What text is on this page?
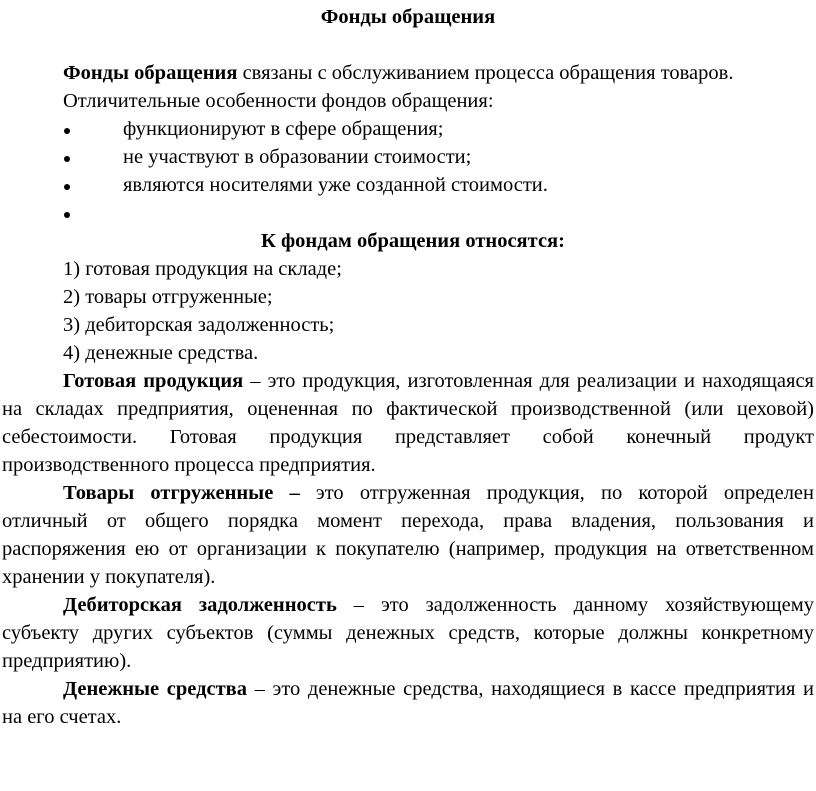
Фонды обращения

Фонды обращения связаны с обслуживанием процесса обращения товаров.

Отличительные особенности фондов обращения:

функционируют в сфере обращения;
не участвуют в образовании стоимости;
являются носителями уже созданной стоимости.

К фондам обращения относятся:

1) готовая продукция на складе;

2) товары отгруженные;

3) дебиторская задолженность;

4) денежные средства.

Готовая продукция – это продукция, изготовленная для реализации и находящаяся на складах предприятия, оцененная по фактической производственной (или цеховой) себестоимости. Готовая продукция представляет собой конечный продукт производственного процесса предприятия.

Товары отгруженные – это отгруженная продукция, по которой определен отличный от общего порядка момент перехода, права владения, пользования и распоряжения ею от организации к покупателю (например, продукция на ответственном хранении у покупателя).

Дебиторская задолженность – это задолженность данному хозяйствующему субъекту других субъектов (суммы денежных средств, которые должны конкретному предприятию).

Денежные средства – это денежные средства, находящиеся в кассе предприятия и на его счетах.
